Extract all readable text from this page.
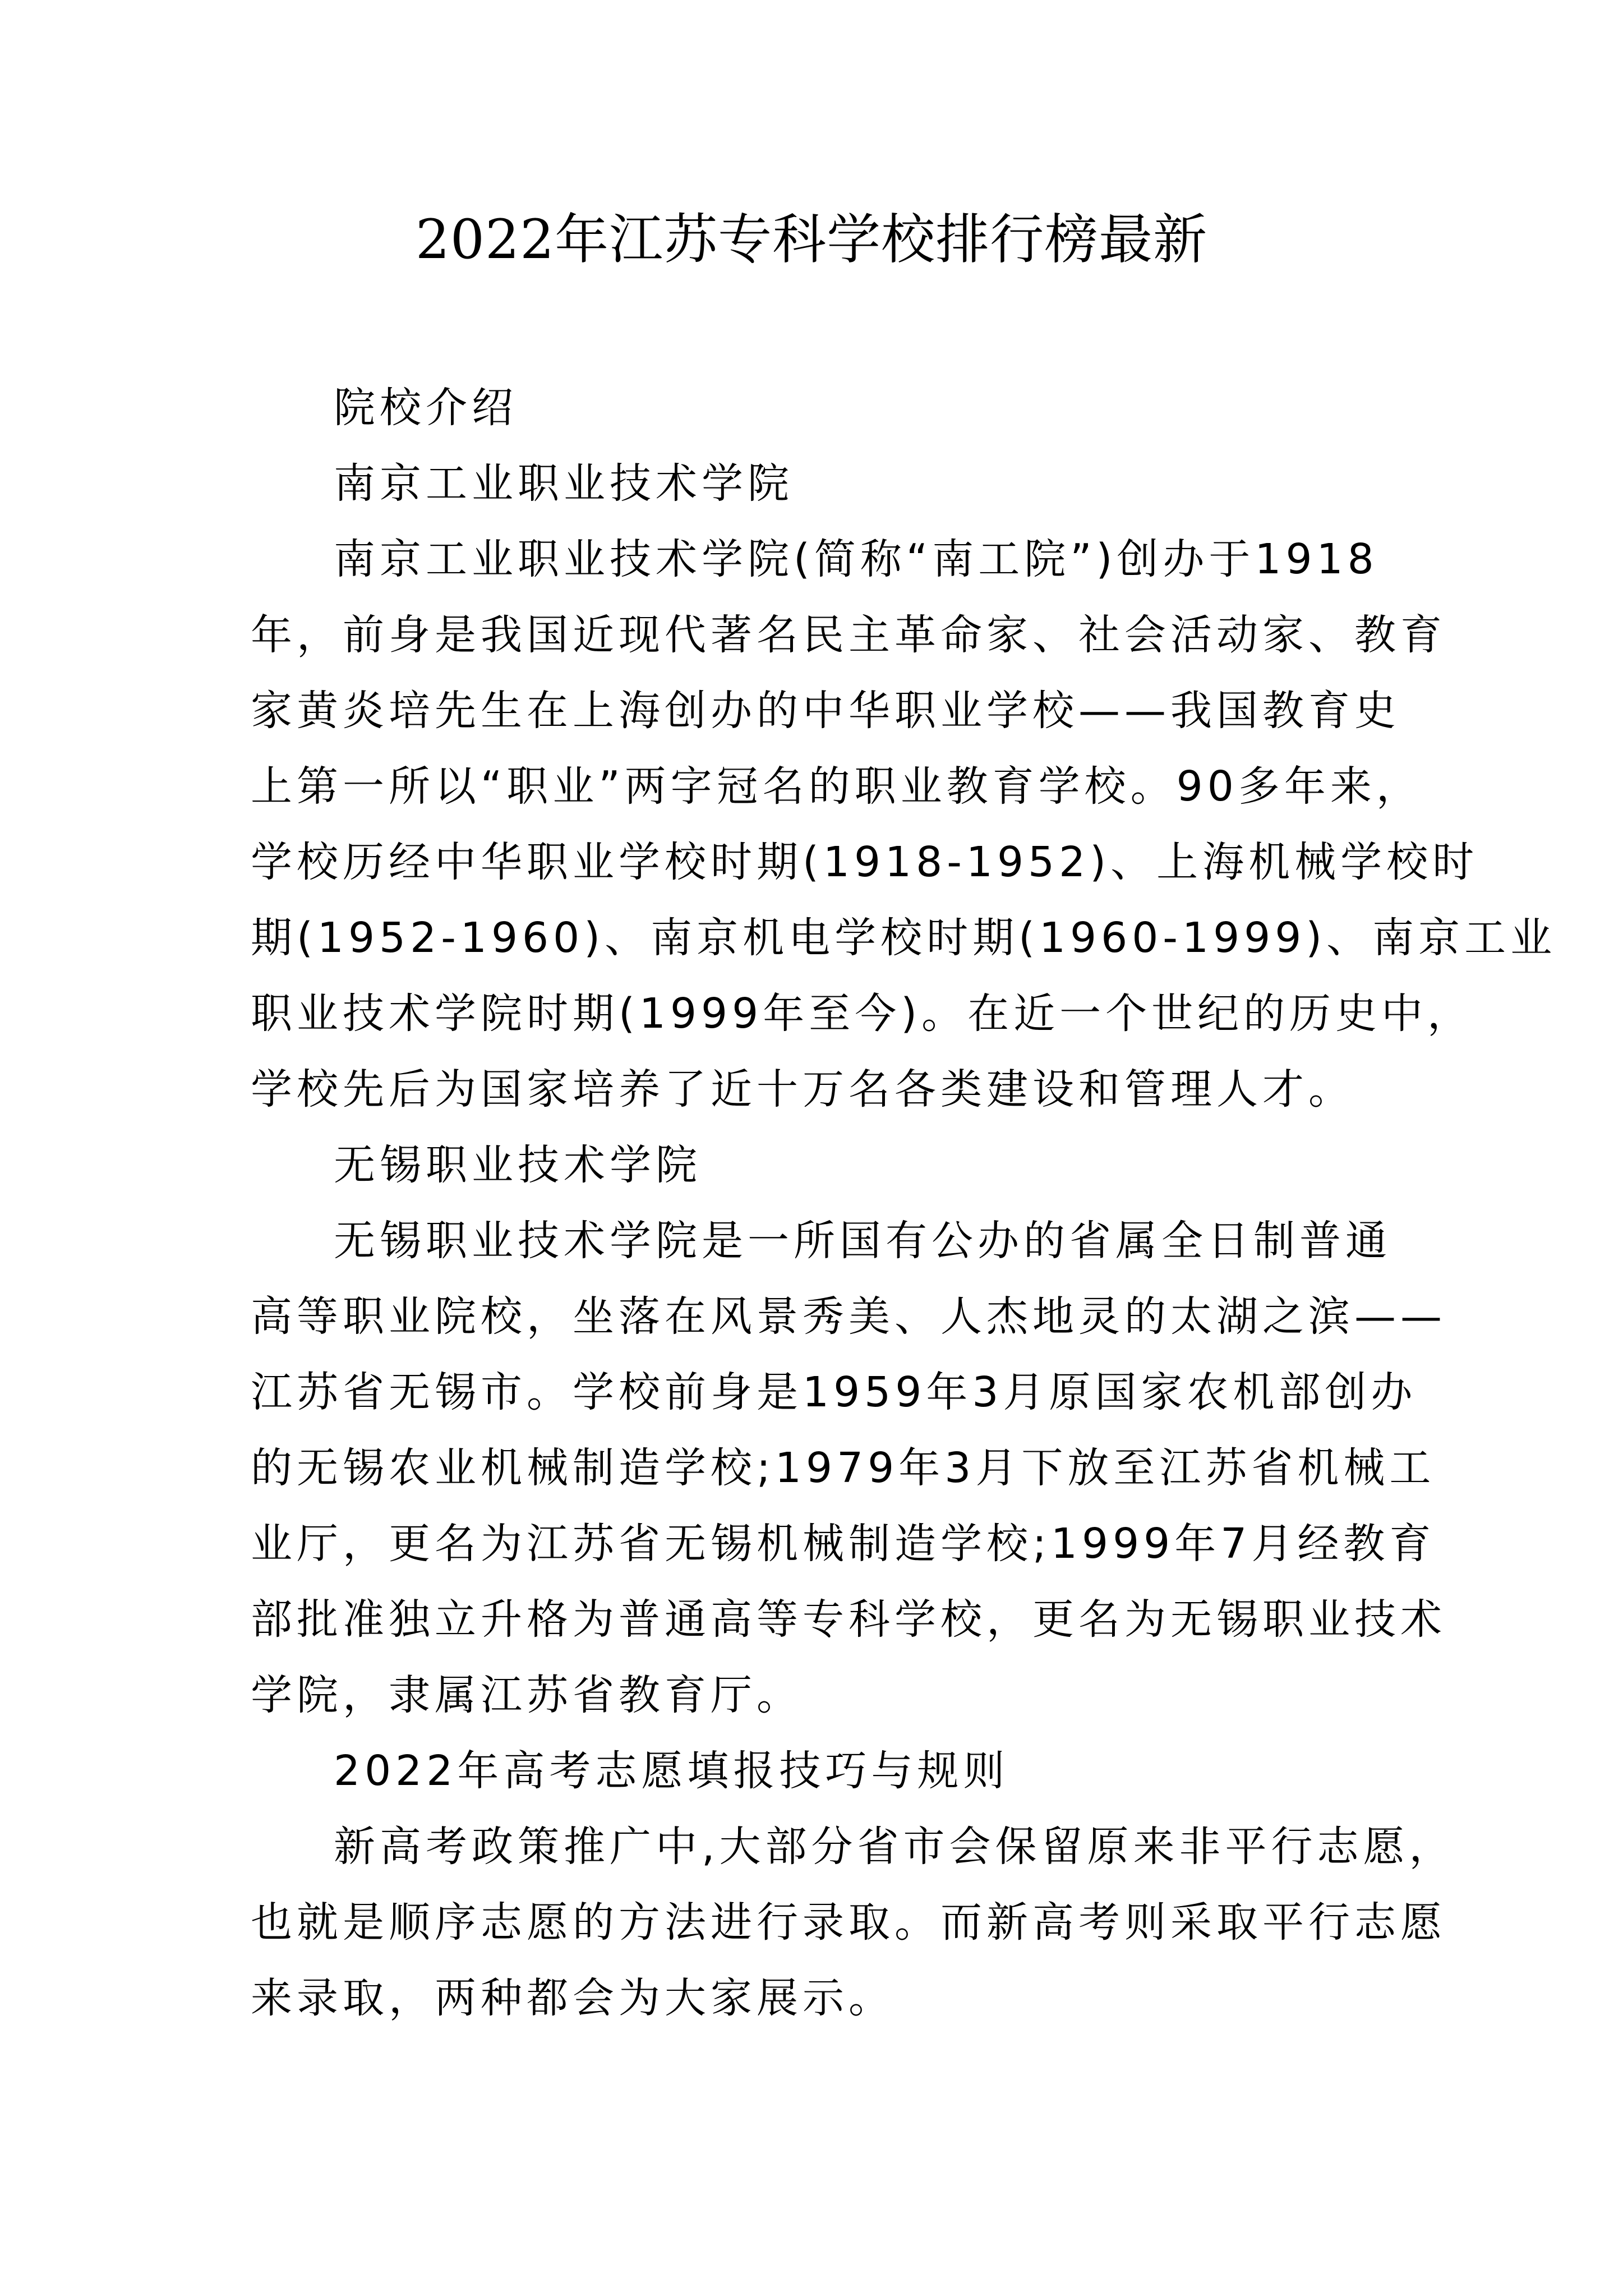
2022年江苏专科学校排行榜最新
院校介绍
南京工业职业技术学院
南京工业职业技术学院(简称“南工院”)创办于1918
年，前身是我国近现代著名民主革命家、社会活动家、教育
家黄炎培先生在上海创办的中华职业学校——我国教育史
上第一所以“职业”两字冠名的职业教育学校。90多年来，
学校历经中华职业学校时期(1918-1952)、上海机械学校时
期(1952-1960)、南京机电学校时期(1960-1999)、南京工业
职业技术学院时期(1999年至今)。在近一个世纪的历史中，
学校先后为国家培养了近十万名各类建设和管理人才。
无锡职业技术学院
无锡职业技术学院是一所国有公办的省属全日制普通
高等职业院校，坐落在风景秀美、人杰地灵的太湖之滨——
江苏省无锡市。学校前身是1959年3月原国家农机部创办
的无锡农业机械制造学校;1979年3月下放至江苏省机械工
业厅，更名为江苏省无锡机械制造学校;1999年7月经教育
部批准独立升格为普通高等专科学校，更名为无锡职业技术
学院，隶属江苏省教育厅。
2022年高考志愿填报技巧与规则
新高考政策推广中,大部分省市会保留原来非平行志愿，
也就是顺序志愿的方法进行录取。而新高考则采取平行志愿
来录取，两种都会为大家展示。
